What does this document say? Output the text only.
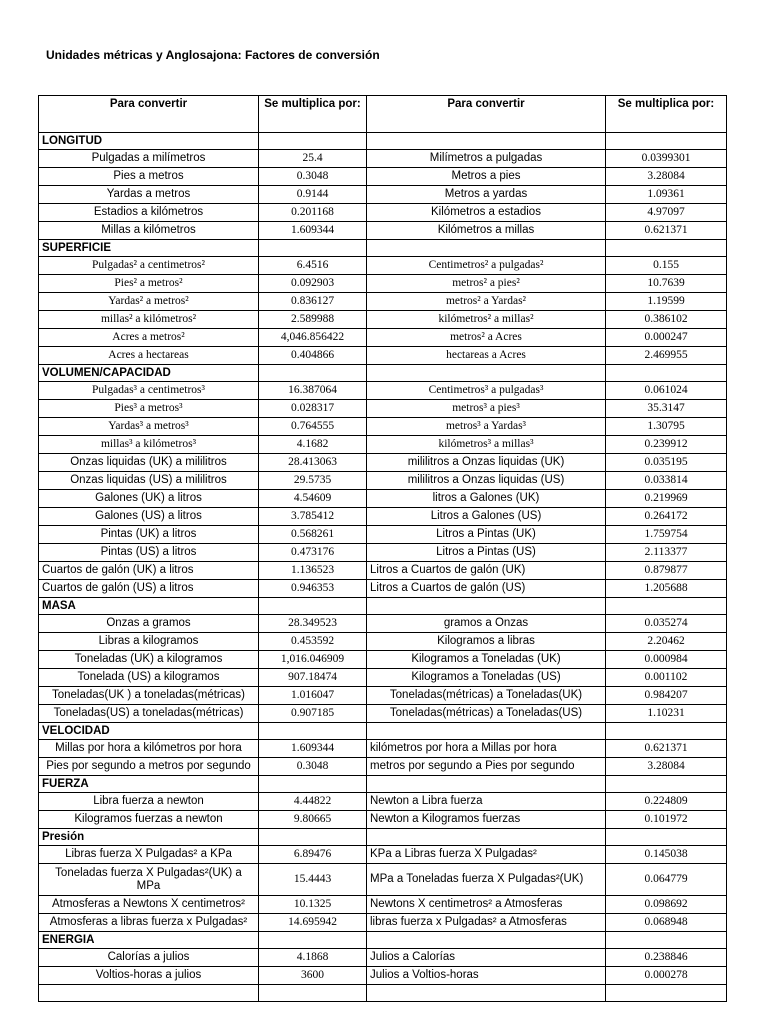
Unidades métricas y Anglosajona: Factores de conversión
Para convertir	Se multiplica por:	Para convertir	Se multiplica por:
LONGITUD			
Pulgadas a milímetros	25.4	Milímetros a pulgadas	0.0399301
Pies a metros	0.3048	Metros a pies	3.28084
Yardas a metros	0.9144	Metros a yardas	1.09361
Estadios a kilómetros	0.201168	Kilómetros a estadios	4.97097
Millas a kilómetros	1.609344	Kilómetros a millas	0.621371
SUPERFICIE			
Pulgadas² a centimetros²	6.4516	Centimetros² a pulgadas²	0.155
Pies² a metros²	0.092903	metros² a pies²	10.7639
Yardas² a metros²	0.836127	metros² a Yardas²	1.19599
millas² a kilómetros²	2.589988	kilómetros² a millas²	0.386102
Acres a metros²	4,046.856422	metros² a Acres	0.000247
Acres a hectareas	0.404866	hectareas a Acres	2.469955
VOLUMEN/CAPACIDAD			
Pulgadas³ a centimetros³	16.387064	Centimetros³ a pulgadas³	0.061024
Pies³ a metros³	0.028317	metros³ a pies³	35.3147
Yardas³ a metros³	0.764555	metros³ a Yardas³	1.30795
millas³ a kilómetros³	4.1682	kilómetros³ a millas³	0.239912
Onzas liquidas (UK) a mililitros	28.413063	mililitros a Onzas liquidas (UK)	0.035195
Onzas liquidas (US) a mililitros	29.5735	mililitros a Onzas liquidas (US)	0.033814
Galones (UK) a litros	4.54609	litros a Galones (UK)	0.219969
Galones (US) a litros	3.785412	Litros a Galones (US)	0.264172
Pintas (UK) a litros	0.568261	Litros a Pintas (UK)	1.759754
Pintas (US) a litros	0.473176	Litros a Pintas (US)	2.113377
Cuartos de galón (UK) a litros	1.136523	Litros a Cuartos de galón (UK)	0.879877
Cuartos de galón (US) a litros	0.946353	Litros a Cuartos de galón (US)	1.205688
MASA			
Onzas a gramos	28.349523	gramos a Onzas	0.035274
Libras a kilogramos	0.453592	Kilogramos a libras	2.20462
Toneladas (UK) a kilogramos	1,016.046909	Kilogramos a Toneladas (UK)	0.000984
Tonelada (US) a kilogramos	907.18474	Kilogramos a Toneladas (US)	0.001102
Toneladas(UK ) a toneladas(métricas)	1.016047	Toneladas(métricas) a Toneladas(UK)	0.984207
Toneladas(US) a toneladas(métricas)	0.907185	Toneladas(métricas) a Toneladas(US)	1.10231
VELOCIDAD			
Millas por hora a kilómetros por hora	1.609344	kilómetros por hora a Millas por hora	0.621371
Pies por segundo a metros por segundo	0.3048	metros por segundo a Pies por segundo	3.28084
FUERZA			
Libra fuerza a newton	4.44822	Newton a Libra fuerza	0.224809
Kilogramos fuerzas a newton	9.80665	Newton a Kilogramos fuerzas	0.101972
Presión			
Libras fuerza X Pulgadas² a KPa	6.89476	KPa a Libras fuerza X Pulgadas²	0.145038
Toneladas fuerza X Pulgadas²(UK) a MPa	15.4443	MPa a Toneladas fuerza X Pulgadas²(UK)	0.064779
Atmosferas a Newtons X centimetros²	10.1325	Newtons X centimetros² a Atmosferas	0.098692
Atmosferas a libras fuerza x Pulgadas²	14.695942	libras fuerza x Pulgadas² a Atmosferas	0.068948
ENERGIA			
Calorías a julios	4.1868	Julios a Calorías	0.238846
Voltios-horas a julios	3600	Julios a Voltios-horas	0.000278
